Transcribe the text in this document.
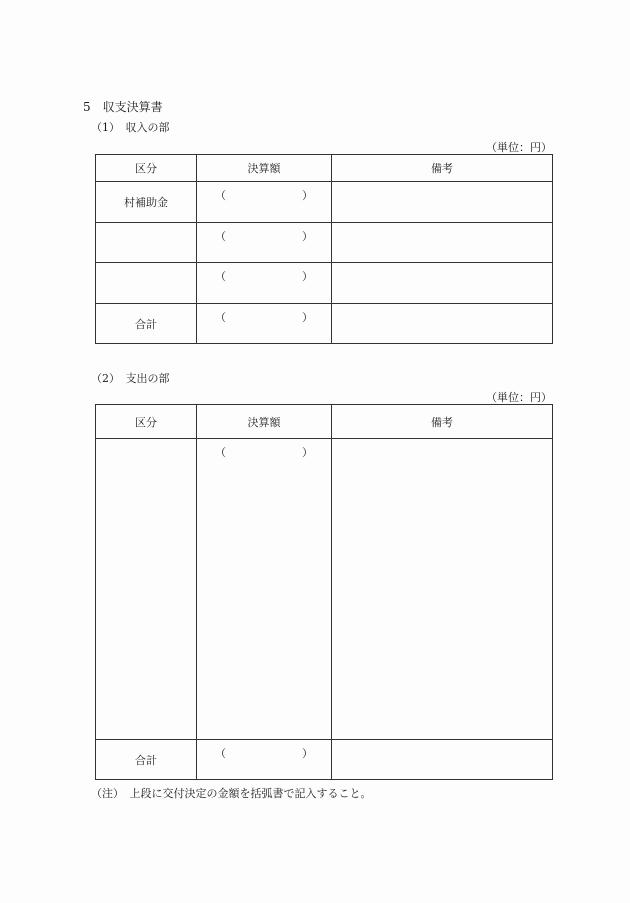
5　収支決算書
（1）　収入の部
（単位：円）
区分	決算額	備考
村補助金	（ ）	

	（ ）	

	（ ）	

合計	（ ）	

（2）　支出の部
（単位：円）
区分	決算額	備考

	（ ）	

合計	（ ）	

（注）　上段に交付決定の金額を括弧書で記入すること。
